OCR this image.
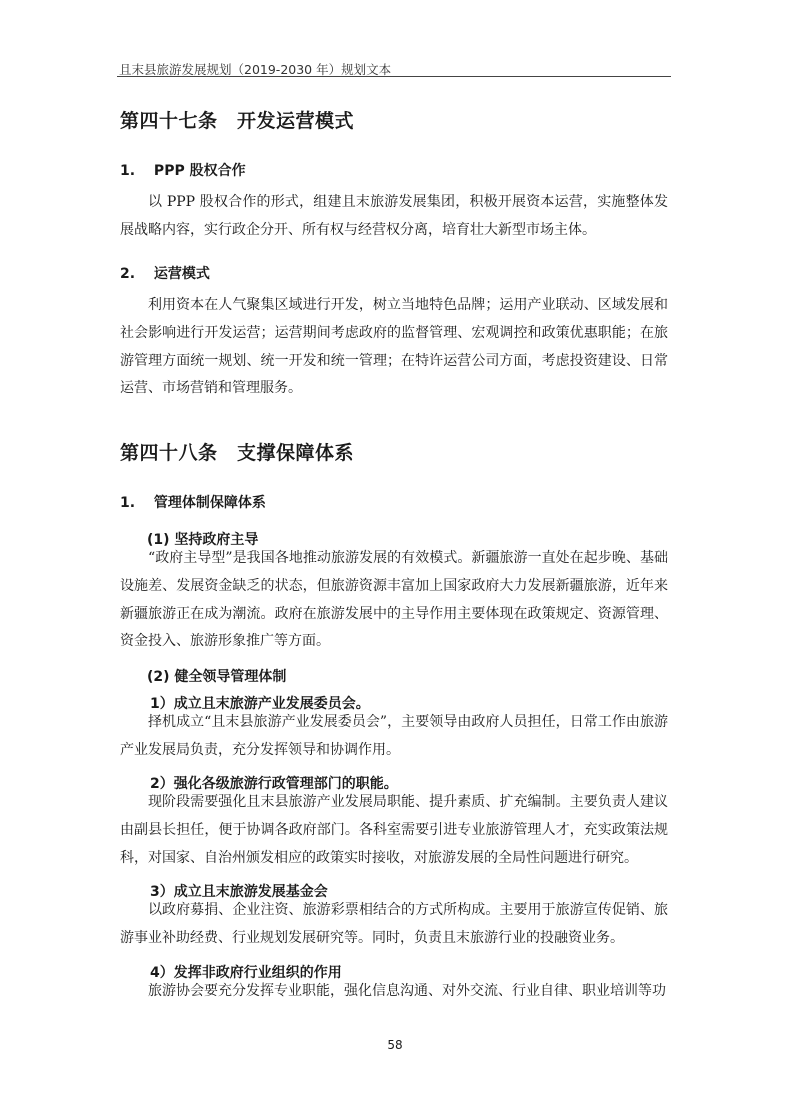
且末县旅游发展规划（2019-2030 年）规划文本
第四十七条　开发运营模式
1.　 PPP 股权合作

以 PPP 股权合作的形式，组建且末旅游发展集团，积极开展资本运营，实施整体发展战略内容，实行政企分开、所有权与经营权分离，培育壮大新型市场主体。

2.　 运营模式

利用资本在人气聚集区域进行开发，树立当地特色品牌；运用产业联动、区域发展和社会影响进行开发运营；运营期间考虑政府的监督管理、宏观调控和政策优惠职能；在旅游管理方面统一规划、统一开发和统一管理；在特许运营公司方面，考虑投资建设、日常运营、市场营销和管理服务。

第四十八条　支撑保障体系
1.　 管理体制保障体系
(1) 坚持政府主导

“政府主导型”是我国各地推动旅游发展的有效模式。新疆旅游一直处在起步晚、基础设施差、发展资金缺乏的状态，但旅游资源丰富加上国家政府大力发展新疆旅游，近年来新疆旅游正在成为潮流。政府在旅游发展中的主导作用主要体现在政策规定、资源管理、资金投入、旅游形象推广等方面。

(2) 健全领导管理体制
1）成立且末旅游产业发展委员会。

择机成立“且末县旅游产业发展委员会”，主要领导由政府人员担任，日常工作由旅游产业发展局负责，充分发挥领导和协调作用。

2）强化各级旅游行政管理部门的职能。

现阶段需要强化且末县旅游产业发展局职能、提升素质、扩充编制。主要负责人建议由副县长担任，便于协调各政府部门。各科室需要引进专业旅游管理人才，充实政策法规科，对国家、自治州颁发相应的政策实时接收，对旅游发展的全局性问题进行研究。

3）成立且末旅游发展基金会

以政府募捐、企业注资、旅游彩票相结合的方式所构成。主要用于旅游宣传促销、旅游事业补助经费、行业规划发展研究等。同时，负责且末旅游行业的投融资业务。

4）发挥非政府行业组织的作用

旅游协会要充分发挥专业职能，强化信息沟通、对外交流、行业自律、职业培训等功

58
